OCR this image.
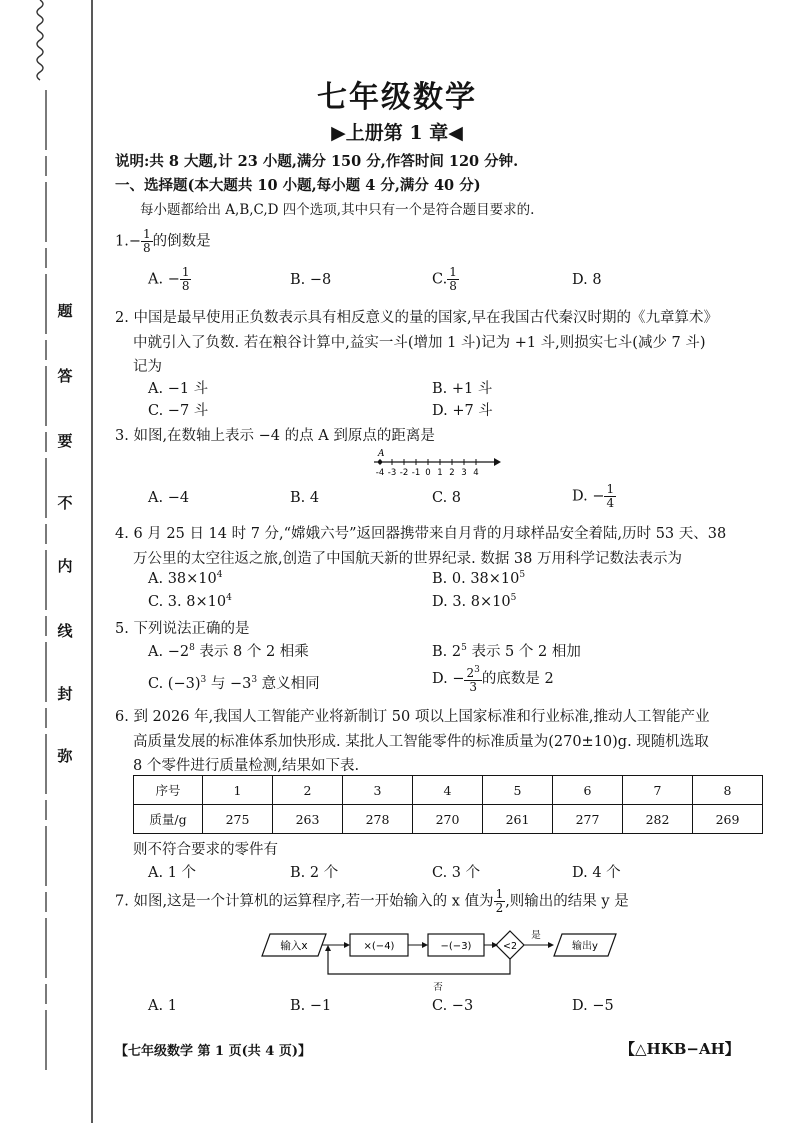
题
答
要
不
内
线
封
弥
七年级数学
▶上册第 1 章◀
说明:共 8 大题,计 23 小题,满分 150 分,作答时间 120 分钟.
一、选择题(本大题共 10 小题,每小题 4 分,满分 40 分)
每小题都给出 A,B,C,D 四个选项,其中只有一个是符合题目要求的.
$1.- \frac{1}{8}$ 的倒数是
A. − $\frac{1}{8}$	B. −8	C. $\frac{1}{8}$	D. 8
2. 中国是最早使用正负数表示具有相反意义的量的国家,早在我国古代秦汉时期的《九章算术》
中就引入了负数. 若在粮谷计算中,益实一斗(增加 1 斗)记为 +1 斗,则损实七斗(减少 7 斗)
记为
A. −1 斗	B. +1 斗
C. −7 斗	D. +7 斗
3. 如图,在数轴上表示 −4 的点 A 到原点的距离是
A
-4 -3 -2 -1 0 1 2 3 4
A. −4	B. 4	C. 8	D. − $\frac{1}{4}$
4. 6 月 25 日 14 时 7 分,“嫦娥六号”返回器携带来自月背的月球样品安全着陆,历时 53 天、38
万公里的太空往返之旅,创造了中国航天新的世界纪录. 数据 38 万用科学记数法表示为
A. $38\times 10^4$	B. 0. $38\times 10^5$
C. 3. $8\times 10^4$	D. 3. $8\times 10^5$
5. 下列说法正确的是
A. $-2^8$ 表示 8 个 2 相乘	B. $2^5$ 表示 5 个 2 相加
C. $(-3)^3$ 与 $-3^3$ 意义相同	D. − $\frac{2^3}{3}$ 的底数是 2
6. 到 2026 年,我国人工智能产业将新制订 50 项以上国家标准和行业标准,推动人工智能产业
高质量发展的标准体系加快形成. 某批人工智能零件的标准质量为(270±10)g. 现随机选取
8 个零件进行质量检测,结果如下表.
序号	1	2	3	4	5	6	7	8
质量/g	275	263	278	270	261	277	282	269
则不符合要求的零件有
A. 1 个	B. 2 个	C. 3 个	D. 4 个
7. 如图,这是一个计算机的运算程序,若一开始输入的 x 值为 $\frac{1}{2}$ ,则输出的结果 y 是
输入x	×(−4)	−(−3)	<2
是
输出y
否
A. 1	B. −1	C. −3	D. −5
【七年级数学 第 1 页(共 4 页)】	【△HKB−AH】
